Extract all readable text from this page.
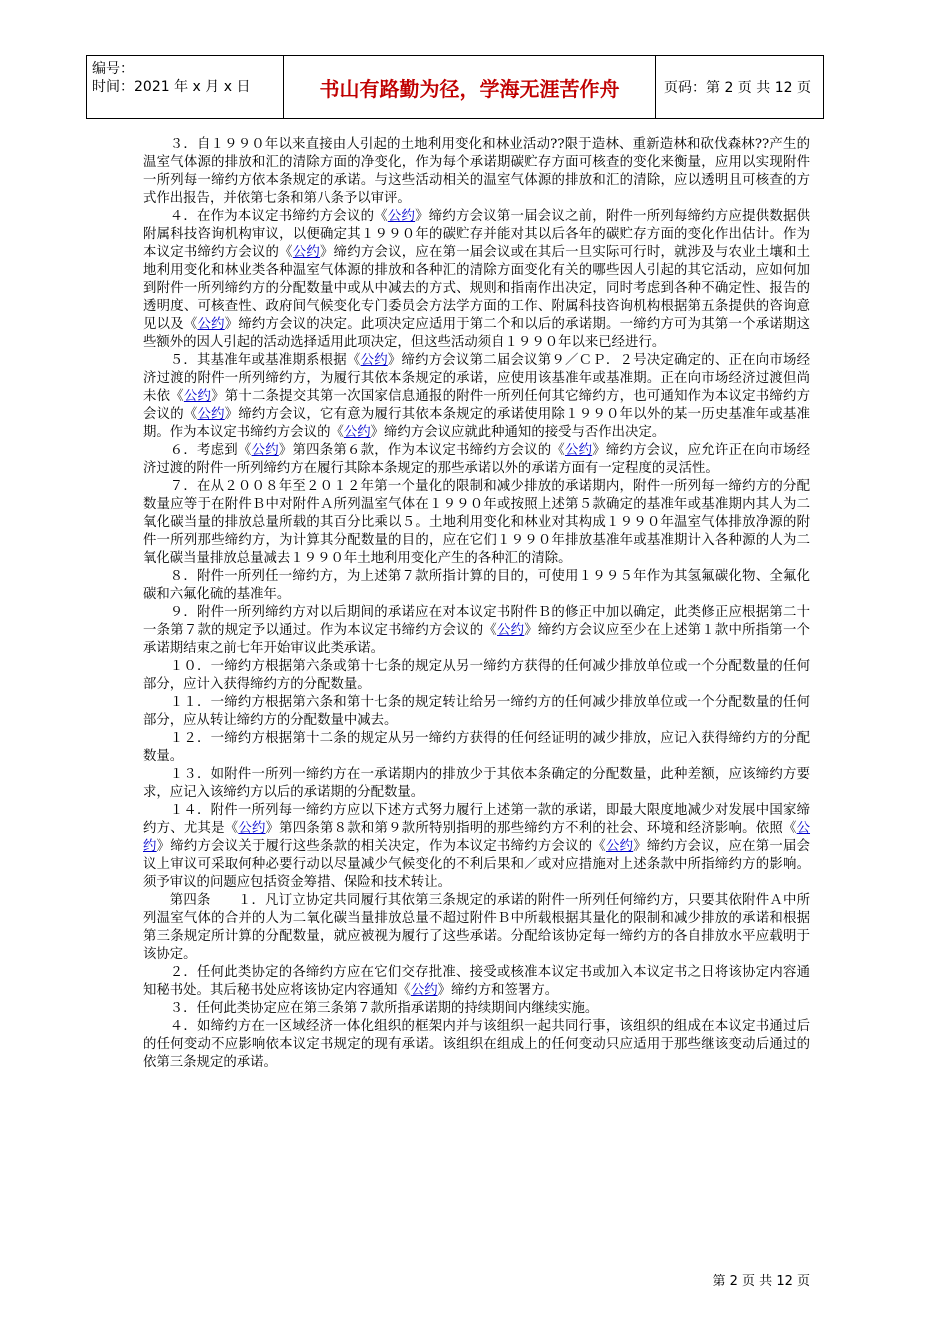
编号：
时间：2021 年 x 月 x 日	书山有路勤为径，学海无涯苦作舟	页码：第 2 页 共 12 页

３．自１９９０年以来直接由人引起的土地利用变化和林业活动??限于造林、重新造林和砍伐森林??产生的温室气体源的排放和汇的清除方面的净变化，作为每个承诺期碳贮存方面可核查的变化来衡量，应用以实现附件一所列每一缔约方依本条规定的承诺。与这些活动相关的温室气体源的排放和汇的清除，应以透明且可核查的方式作出报告，并依第七条和第八条予以审评。

４．在作为本议定书缔约方会议的《公约》缔约方会议第一届会议之前，附件一所列每缔约方应提供数据供附属科技咨询机构审议，以便确定其１９９０年的碳贮存并能对其以后各年的碳贮存方面的变化作出估计。作为本议定书缔约方会议的《公约》缔约方会议，应在第一届会议或在其后一旦实际可行时，就涉及与农业土壤和土地利用变化和林业类各种温室气体源的排放和各种汇的清除方面变化有关的哪些因人引起的其它活动，应如何加到附件一所列缔约方的分配数量中或从中减去的方式、规则和指南作出决定，同时考虑到各种不确定性、报告的透明度、可核查性、政府间气候变化专门委员会方法学方面的工作、附属科技咨询机构根据第五条提供的咨询意见以及《公约》缔约方会议的决定。此项决定应适用于第二个和以后的承诺期。一缔约方可为其第一个承诺期这些额外的因人引起的活动选择适用此项决定，但这些活动须自１９９０年以来已经进行。

５．其基准年或基准期系根据《公约》缔约方会议第二届会议第９／ＣＰ．２号决定确定的、正在向市场经济过渡的附件一所列缔约方，为履行其依本条规定的承诺，应使用该基准年或基准期。正在向市场经济过渡但尚未依《公约》第十二条提交其第一次国家信息通报的附件一所列任何其它缔约方，也可通知作为本议定书缔约方会议的《公约》缔约方会议，它有意为履行其依本条规定的承诺使用除１９９０年以外的某一历史基准年或基准期。作为本议定书缔约方会议的《公约》缔约方会议应就此种通知的接受与否作出决定。

６．考虑到《公约》第四条第６款，作为本议定书缔约方会议的《公约》缔约方会议，应允许正在向市场经济过渡的附件一所列缔约方在履行其除本条规定的那些承诺以外的承诺方面有一定程度的灵活性。

７．在从２００８年至２０１２年第一个量化的限制和减少排放的承诺期内，附件一所列每一缔约方的分配数量应等于在附件Ｂ中对附件Ａ所列温室气体在１９９０年或按照上述第５款确定的基准年或基准期内其人为二氧化碳当量的排放总量所载的其百分比乘以５。土地利用变化和林业对其构成１９９０年温室气体排放净源的附件一所列那些缔约方，为计算其分配数量的目的，应在它们１９９０年排放基准年或基准期计入各种源的人为二氧化碳当量排放总量减去１９９０年土地利用变化产生的各种汇的清除。

８．附件一所列任一缔约方，为上述第７款所指计算的目的，可使用１９９５年作为其氢氟碳化物、全氟化碳和六氟化硫的基准年。

９．附件一所列缔约方对以后期间的承诺应在对本议定书附件Ｂ的修正中加以确定，此类修正应根据第二十一条第７款的规定予以通过。作为本议定书缔约方会议的《公约》缔约方会议应至少在上述第１款中所指第一个承诺期结束之前七年开始审议此类承诺。

１０．一缔约方根据第六条或第十七条的规定从另一缔约方获得的任何减少排放单位或一个分配数量的任何部分，应计入获得缔约方的分配数量。

１１．一缔约方根据第六条和第十七条的规定转让给另一缔约方的任何减少排放单位或一个分配数量的任何部分，应从转让缔约方的分配数量中减去。

１２．一缔约方根据第十二条的规定从另一缔约方获得的任何经证明的减少排放，应记入获得缔约方的分配数量。

１３．如附件一所列一缔约方在一承诺期内的排放少于其依本条确定的分配数量，此种差额，应该缔约方要求，应记入该缔约方以后的承诺期的分配数量。

１４．附件一所列每一缔约方应以下述方式努力履行上述第一款的承诺，即最大限度地减少对发展中国家缔约方、尤其是《公约》第四条第８款和第９款所特别指明的那些缔约方不利的社会、环境和经济影响。依照《公约》缔约方会议关于履行这些条款的相关决定，作为本议定书缔约方会议的《公约》缔约方会议，应在第一届会议上审议可采取何种必要行动以尽量减少气候变化的不利后果和／或对应措施对上述条款中所指缔约方的影响。须予审议的问题应包括资金筹措、保险和技术转让。

第四条　　１．凡订立协定共同履行其依第三条规定的承诺的附件一所列任何缔约方，只要其依附件Ａ中所列温室气体的合并的人为二氧化碳当量排放总量不超过附件Ｂ中所载根据其量化的限制和减少排放的承诺和根据第三条规定所计算的分配数量，就应被视为履行了这些承诺。分配给该协定每一缔约方的各自排放水平应载明于该协定。

２．任何此类协定的各缔约方应在它们交存批准、接受或核准本议定书或加入本议定书之日将该协定内容通知秘书处。其后秘书处应将该协定内容通知《公约》缔约方和签署方。

３．任何此类协定应在第三条第７款所指承诺期的持续期间内继续实施。

４．如缔约方在一区域经济一体化组织的框架内并与该组织一起共同行事，该组织的组成在本议定书通过后的任何变动不应影响依本议定书规定的现有承诺。该组织在组成上的任何变动只应适用于那些继该变动后通过的依第三条规定的承诺。

第 2 页 共 12 页
